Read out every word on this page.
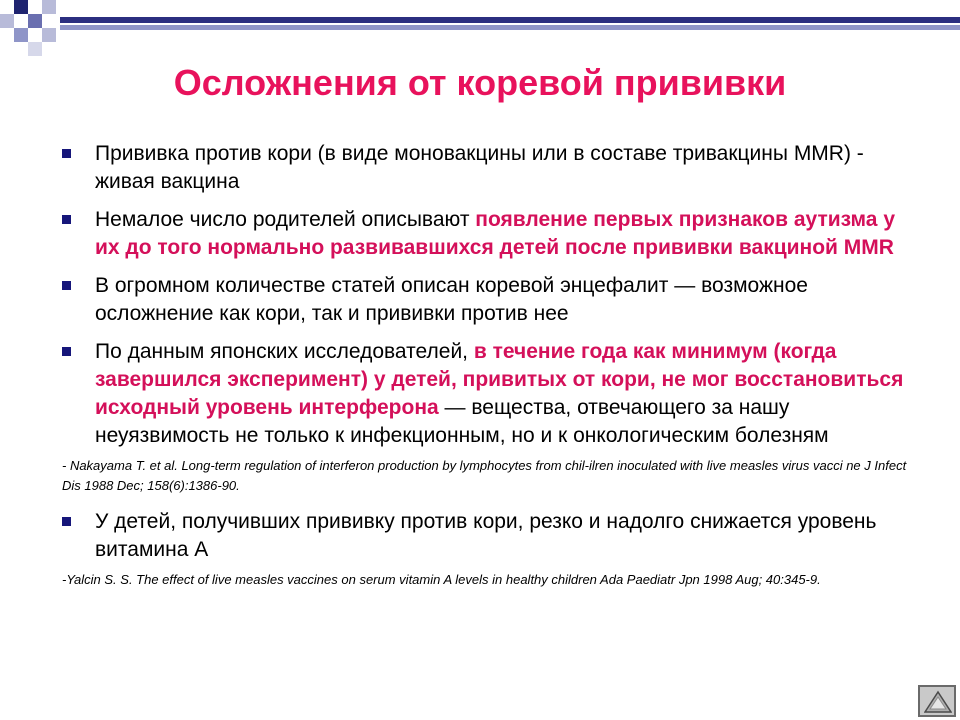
Осложнения от коревой прививки
Прививка против кори (в виде моновакцины или в составе тривакцины MMR) - живая вакцина
Немалое число родителей описывают появление первых признаков аутизма у их до того нормально развивавшихся детей после прививки вакциной MMR
В огромном количестве статей описан коревой энцефалит — возможное осложнение как кори, так и прививки против нее
По данным японских исследователей, в течение года как минимум (когда завершился эксперимент) у детей, привитых от кори, не мог восстановиться исходный уровень интерферона — вещества, отвечающего за нашу неуязвимость не только к инфекционным, но и к онкологическим болезням
- Nakayama T. et al. Long-term regulation of interferon production by lymphocytes from chil-ilren inoculated with live measles virus vacci ne J Infect Dis 1988 Dec; 158(6):1386-90.
У детей, получивших прививку против кори, резко и надолго снижается уровень витамина А
-Yalcin S. S. The effect of live measles vaccines on serum vitamin A levels in healthy children Ada Paediatr Jpn 1998 Aug; 40:345-9.
